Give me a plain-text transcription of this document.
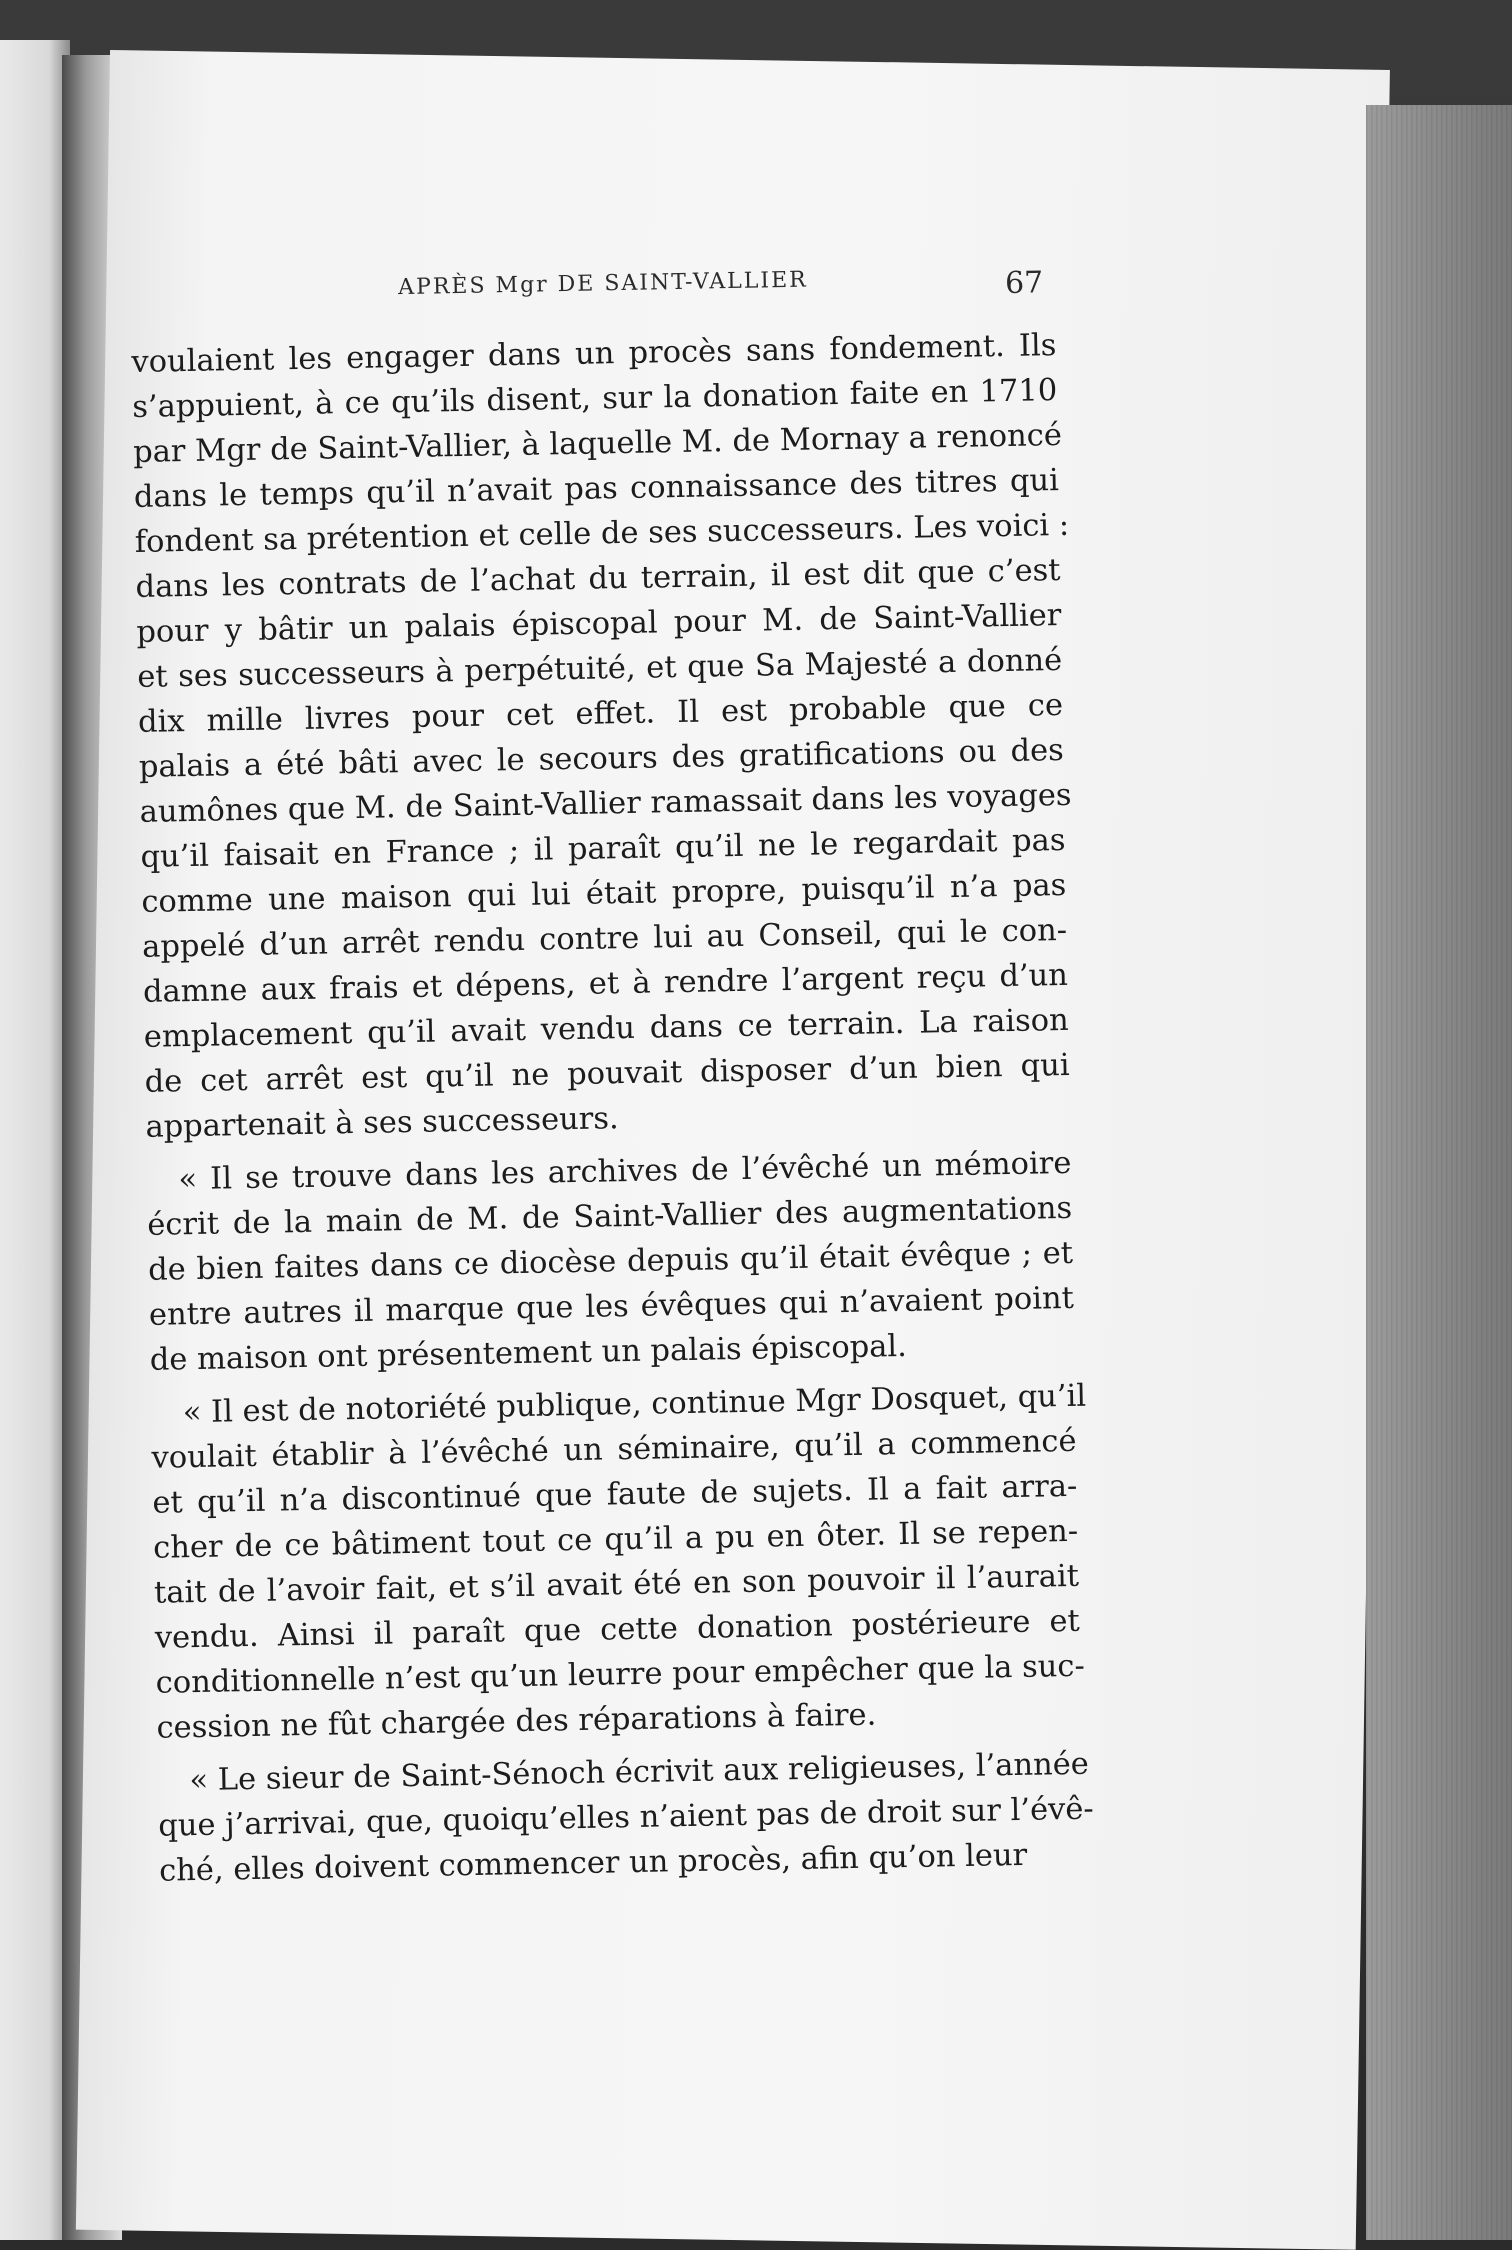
APRÈS Mgr DE SAINT-VALLIER	67
voulaient les engager dans un procès sans fondement. Ils
s’appuient, à ce qu’ils disent, sur la donation faite en 1710
par Mgr de Saint-Vallier, à laquelle M. de Mornay a renoncé
dans le temps qu’il n’avait pas connaissance des titres qui
fondent sa prétention et celle de ses successeurs. Les voici :
dans les contrats de l’achat du terrain, il est dit que c’est
pour y bâtir un palais épiscopal pour M. de Saint-Vallier
et ses successeurs à perpétuité, et que Sa Majesté a donné
dix mille livres pour cet effet. Il est probable que ce
palais a été bâti avec le secours des gratifications ou des
aumônes que M. de Saint-Vallier ramassait dans les voyages
qu’il faisait en France ; il paraît qu’il ne le regardait pas
comme une maison qui lui était propre, puisqu’il n’a pas
appelé d’un arrêt rendu contre lui au Conseil, qui le con-
damne aux frais et dépens, et à rendre l’argent reçu d’un
emplacement qu’il avait vendu dans ce terrain. La raison
de cet arrêt est qu’il ne pouvait disposer d’un bien qui
appartenait à ses successeurs.
« Il se trouve dans les archives de l’évêché un mémoire
écrit de la main de M. de Saint-Vallier des augmentations
de bien faites dans ce diocèse depuis qu’il était évêque ; et
entre autres il marque que les évêques qui n’avaient point
de maison ont présentement un palais épiscopal.
« Il est de notoriété publique, continue Mgr Dosquet, qu’il
voulait établir à l’évêché un séminaire, qu’il a commencé
et qu’il n’a discontinué que faute de sujets. Il a fait arra-
cher de ce bâtiment tout ce qu’il a pu en ôter. Il se repen-
tait de l’avoir fait, et s’il avait été en son pouvoir il l’aurait
vendu. Ainsi il paraît que cette donation postérieure et
conditionnelle n’est qu’un leurre pour empêcher que la suc-
cession ne fût chargée des réparations à faire.
« Le sieur de Saint-Sénoch écrivit aux religieuses, l’année
que j’arrivai, que, quoiqu’elles n’aient pas de droit sur l’évê-
ché, elles doivent commencer un procès, afin qu’on leur
